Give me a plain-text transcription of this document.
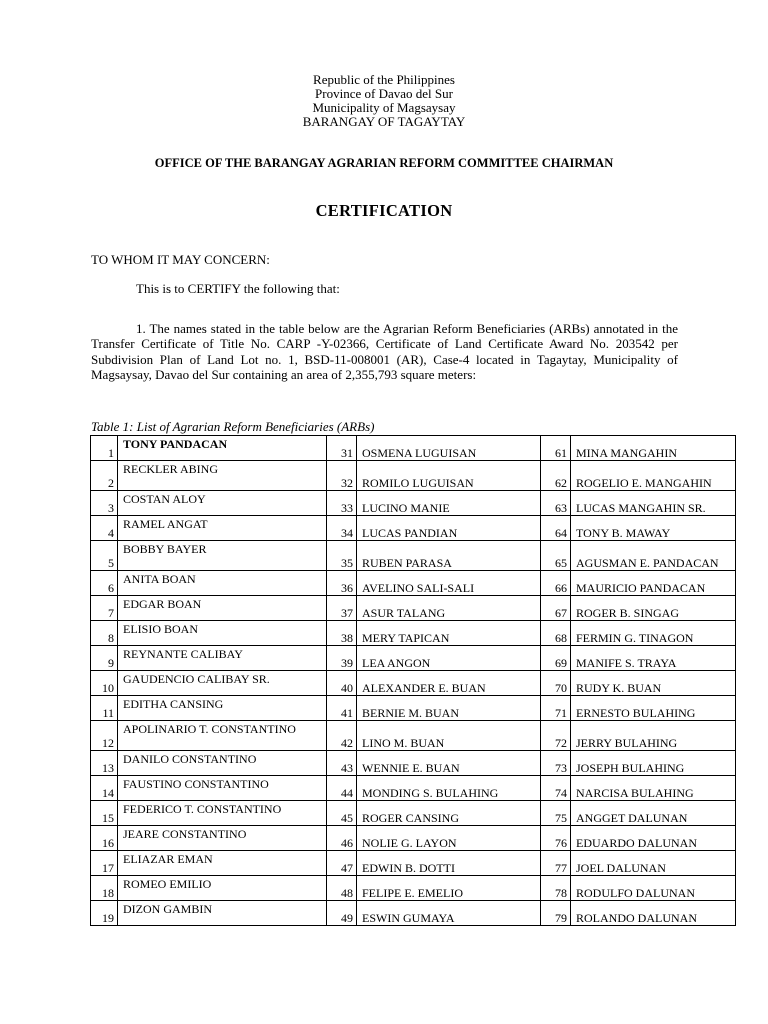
Republic of the Philippines
Province of Davao del Sur
Municipality of Magsaysay
BARANGAY OF TAGAYTAY
OFFICE OF THE BARANGAY AGRARIAN REFORM COMMITTEE CHAIRMAN
CERTIFICATION
TO WHOM IT MAY CONCERN:
This is to CERTIFY the following that:
1. The names stated in the table below are the Agrarian Reform Beneficiaries (ARBs) annotated in the Transfer Certificate of Title No. CARP -Y-02366, Certificate of Land Certificate Award No. 203542 per Subdivision Plan of Land Lot no. 1, BSD-11-008001 (AR), Case-4 located in Tagaytay, Municipality of Magsaysay, Davao del Sur containing an area of 2,355,793 square meters:
Table 1: List of Agrarian Reform Beneficiaries (ARBs)
1	TONY PANDACAN	31	OSMENA LUGUISAN	61	MINA MANGAHIN
2	RECKLER ABING	32	ROMILO LUGUISAN	62	ROGELIO E. MANGAHIN
3	COSTAN ALOY	33	LUCINO MANIE	63	LUCAS MANGAHIN SR.
4	RAMEL ANGAT	34	LUCAS PANDIAN	64	TONY B. MAWAY
5	BOBBY BAYER	35	RUBEN PARASA	65	AGUSMAN E. PANDACAN
6	ANITA BOAN	36	AVELINO SALI-SALI	66	MAURICIO PANDACAN
7	EDGAR BOAN	37	ASUR TALANG	67	ROGER B. SINGAG
8	ELISIO BOAN	38	MERY TAPICAN	68	FERMIN G. TINAGON
9	REYNANTE CALIBAY	39	LEA ANGON	69	MANIFE S. TRAYA
10	GAUDENCIO CALIBAY SR.	40	ALEXANDER E. BUAN	70	RUDY K. BUAN
11	EDITHA CANSING	41	BERNIE M. BUAN	71	ERNESTO BULAHING
12	APOLINARIO T. CONSTANTINO	42	LINO M. BUAN	72	JERRY BULAHING
13	DANILO CONSTANTINO	43	WENNIE E. BUAN	73	JOSEPH BULAHING
14	FAUSTINO CONSTANTINO	44	MONDING S. BULAHING	74	NARCISA BULAHING
15	FEDERICO T. CONSTANTINO	45	ROGER CANSING	75	ANGGET DALUNAN
16	JEARE CONSTANTINO	46	NOLIE G. LAYON	76	EDUARDO DALUNAN
17	ELIAZAR EMAN	47	EDWIN B. DOTTI	77	JOEL DALUNAN
18	ROMEO EMILIO	48	FELIPE E. EMELIO	78	RODULFO DALUNAN
19	DIZON GAMBIN	49	ESWIN GUMAYA	79	ROLANDO DALUNAN
